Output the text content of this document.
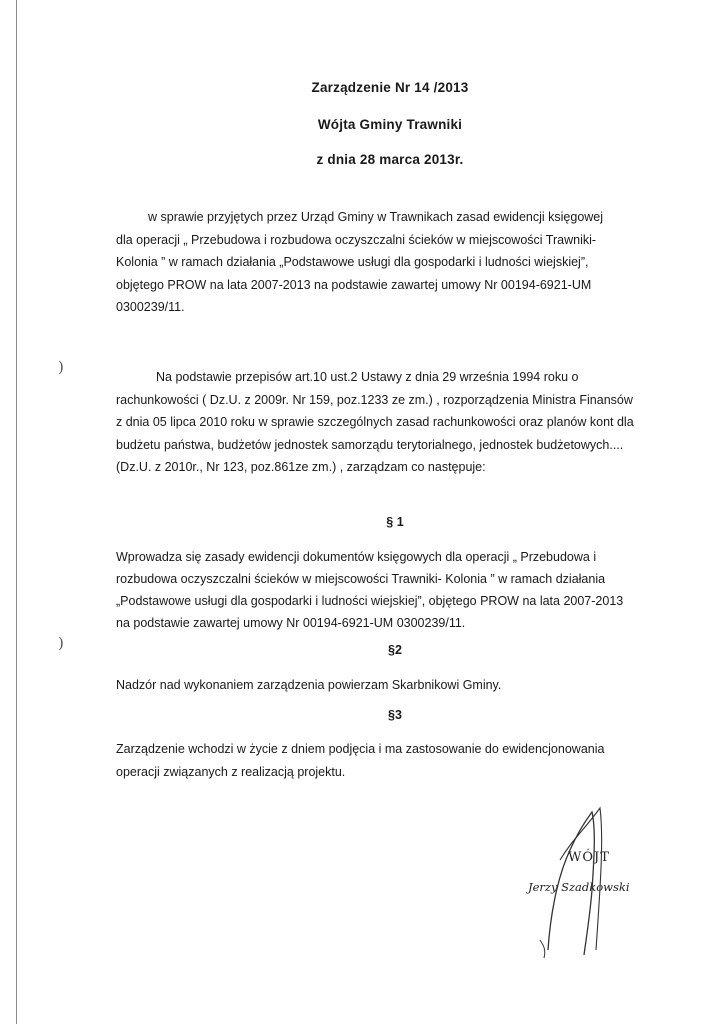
)
)
Zarządzenie Nr 14 /2013
Wójta Gminy Trawniki
z dnia 28 marca 2013r.
w sprawie przyjętych przez Urząd Gminy w Trawnikach zasad ewidencji księgowej
dla operacji „ Przebudowa i rozbudowa oczyszczalni ścieków w miejscowości Trawniki-
Kolonia ” w ramach działania „Podstawowe usługi dla gospodarki i ludności wiejskiej”,
objętego PROW na lata 2007-2013 na podstawie zawartej umowy Nr 00194-6921-UM
0300239/11.
Na podstawie przepisów art.10 ust.2 Ustawy z dnia 29 września 1994 roku o
rachunkowości ( Dz.U. z 2009r. Nr 159, poz.1233 ze zm.) , rozporządzenia Ministra Finansów
z dnia 05 lipca 2010 roku w sprawie szczególnych zasad rachunkowości oraz planów kont dla
budżetu państwa, budżetów jednostek samorządu terytorialnego, jednostek budżetowych....
(Dz.U. z 2010r., Nr 123, poz.861ze zm.) , zarządzam co następuje:
§ 1
Wprowadza się zasady ewidencji dokumentów księgowych dla operacji „ Przebudowa i
rozbudowa oczyszczalni ścieków w miejscowości Trawniki- Kolonia ” w ramach działania
„Podstawowe usługi dla gospodarki i ludności wiejskiej”, objętego PROW na lata 2007-2013
na podstawie zawartej umowy Nr 00194-6921-UM 0300239/11.
§2
Nadzór nad wykonaniem zarządzenia powierzam Skarbnikowi Gminy.
§3
Zarządzenie wchodzi w życie z dniem podjęcia i ma zastosowanie do ewidencjonowania
operacji związanych z realizacją projektu.
WÓJT
Jerzy Szadkowski
